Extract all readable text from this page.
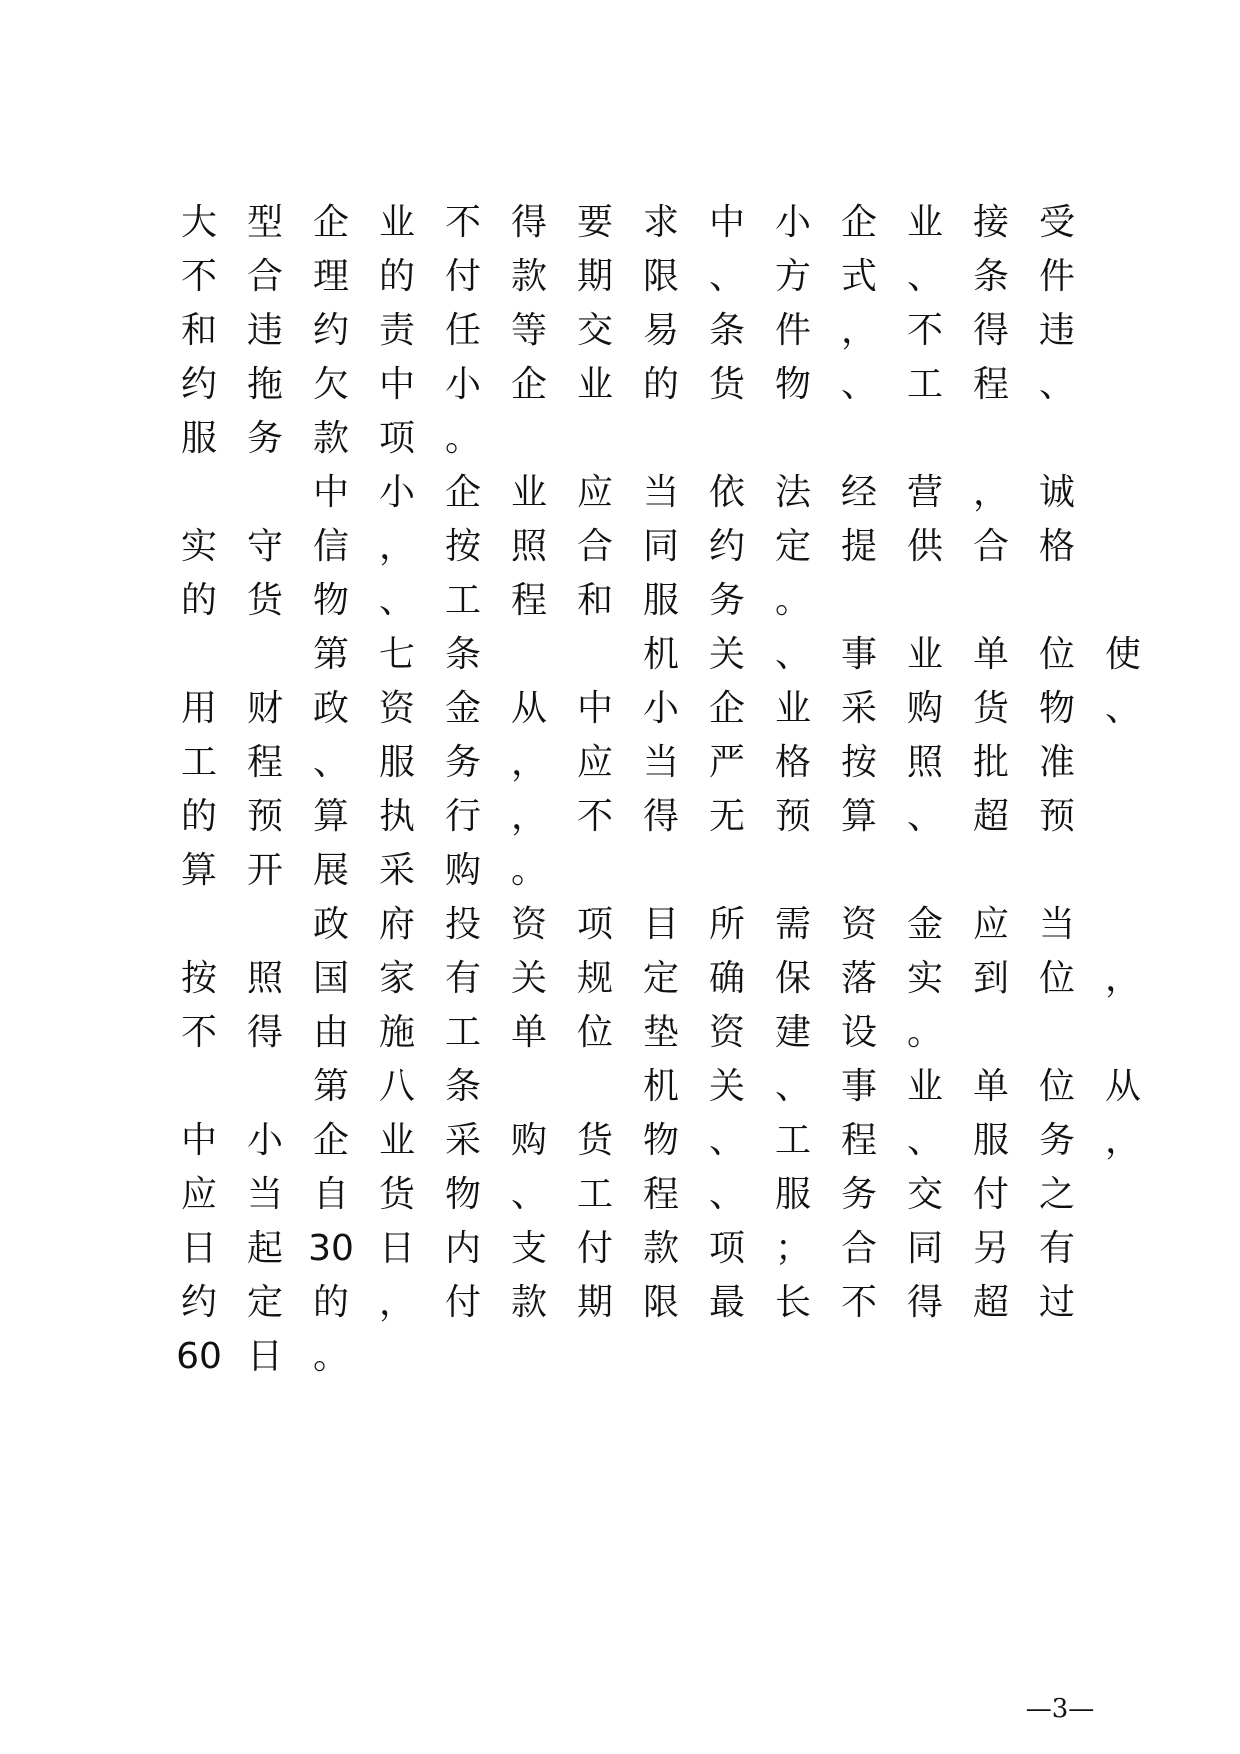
大 型 企 业 不 得 要 求 中 小 企 业 接 受
不 合 理 的 付 款 期 限 、 方 式 、 条 件
和 违 约 责 任 等 交 易 条 件 ， 不 得 违
约 拖 欠 中 小 企 业 的 货 物 、 工 程 、
服 务 款 项 。

中 小 企 业 应 当 依 法 经 营 ， 诚
实 守 信 ， 按 照 合 同 约 定 提 供 合 格
的 货 物 、 工 程 和 服 务 。

第 七 条

	机 关 、 事 业 单 位 使
用 财 政 资 金 从 中 小 企 业 采 购 货 物 、
工 程 、 服 务 ， 应 当 严 格 按 照 批 准
的 预 算 执 行 ， 不 得 无 预 算 、 超 预
算 开 展 采 购 。

政 府 投 资 项 目 所 需 资 金 应 当
按 照 国 家 有 关 规 定 确 保 落 实 到 位 ，
不 得 由 施 工 单 位 垫 资 建 设 。

第 八 条

	机 关 、 事 业 单 位 从
中 小 企 业 采 购 货 物 、 工 程 、 服 务 ，
应 当 自 货 物 、 工 程 、 服 务 交 付 之
日 起 30 日 内 支 付 款 项 ； 合 同 另 有
约 定 的 ， 付 款 期 限 最 长 不 得 超 过
60 日 。
—3—
